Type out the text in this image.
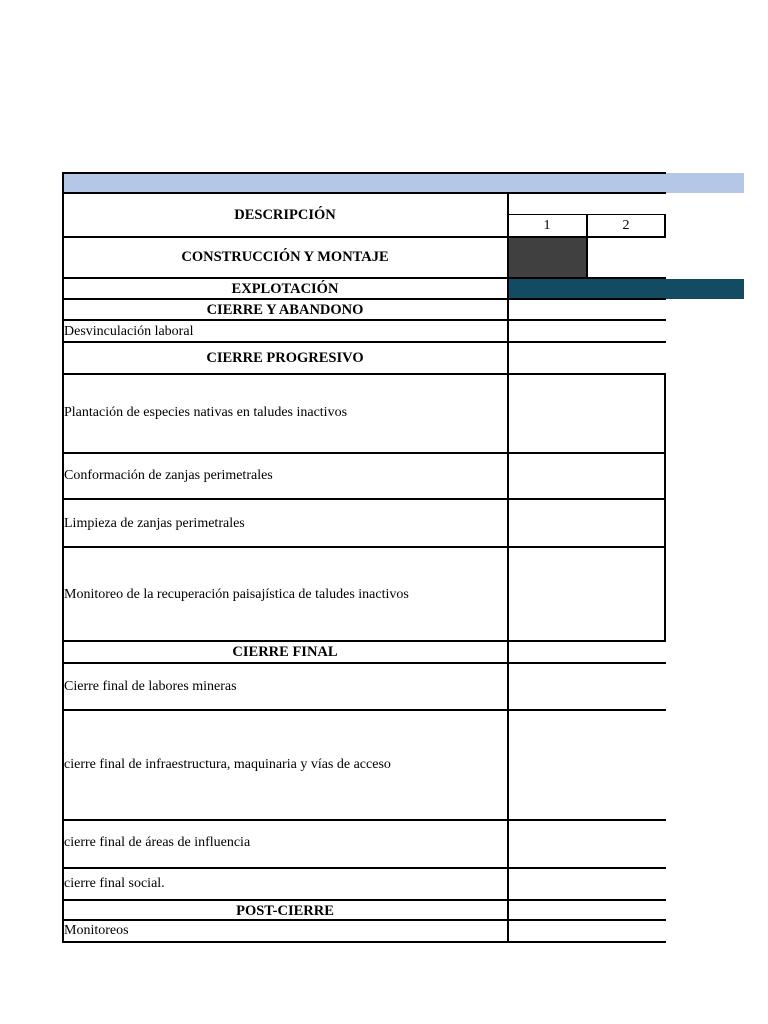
DESCRIPCIÓN
1	2
CONSTRUCCIÓN Y MONTAJE
EXPLOTACIÓN
CIERRE Y ABANDONO
CIERRE PROGRESIVO
CIERRE FINAL
POST-CIERRE
Desvinculación laboral
Plantación de especies nativas en taludes inactivos
Conformación de zanjas perimetrales
Limpieza de zanjas perimetrales
Monitoreo de la recuperación paisajística de taludes inactivos
Cierre final de labores mineras
cierre final de infraestructura, maquinaria y vías de acceso
cierre final de áreas de influencia
cierre final social.
Monitoreos
